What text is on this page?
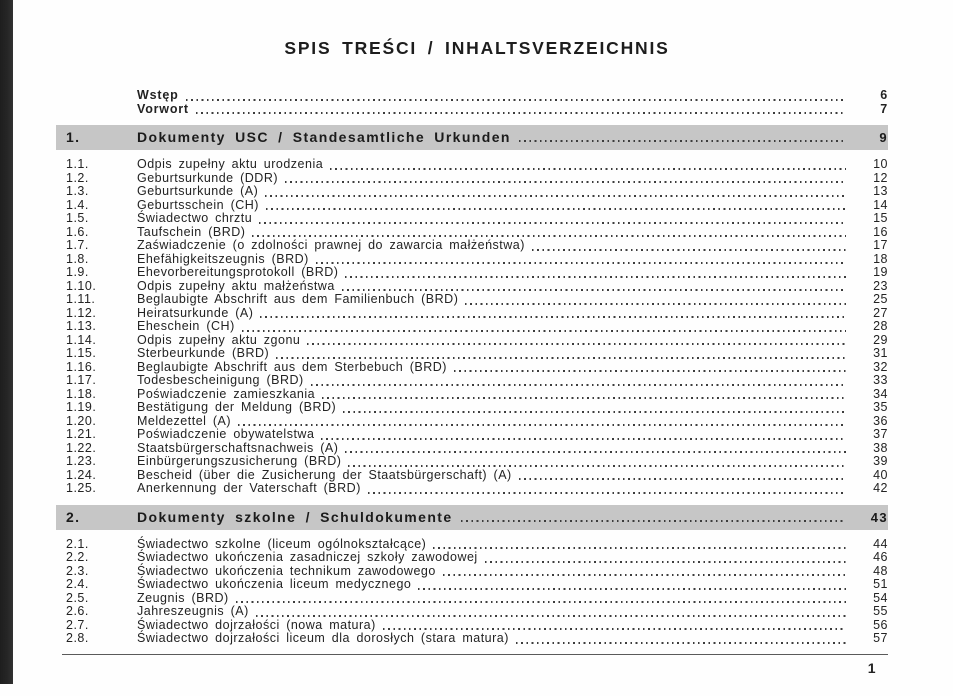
SPIS TREŚCI / INHALTSVERZEICHNIS
Wstęp	6
Vorwort	7
1.	Dokumenty USC / Standesamtliche Urkunden	9
1.1.	Odpis zupełny aktu urodzenia	10
1.2.	Geburtsurkunde (DDR)	12
1.3.	Geburtsurkunde (A)	13
1.4.	Geburtsschein (CH)	14
1.5.	Świadectwo chrztu	15
1.6.	Taufschein (BRD)	16
1.7.	Zaświadczenie (o zdolności prawnej do zawarcia małżeństwa)	17
1.8.	Ehefähigkeitszeugnis (BRD)	18
1.9.	Ehevorbereitungsprotokoll (BRD)	19
1.10.	Odpis zupełny aktu małżeństwa	23
1.11.	Beglaubigte Abschrift aus dem Familienbuch (BRD)	25
1.12.	Heiratsurkunde (A)	27
1.13.	Eheschein (CH)	28
1.14.	Odpis zupełny aktu zgonu	29
1.15.	Sterbeurkunde (BRD)	31
1.16.	Beglaubigte Abschrift aus dem Sterbebuch (BRD)	32
1.17.	Todesbescheinigung (BRD)	33
1.18.	Poświadczenie zamieszkania	34
1.19.	Bestätigung der Meldung (BRD)	35
1.20.	Meldezettel (A)	36
1.21.	Poświadczenie obywatelstwa	37
1.22.	Staatsbürgerschaftsnachweis (A)	38
1.23.	Einbürgerungszusicherung (BRD)	39
1.24.	Bescheid (über die Zusicherung der Staatsbürgerschaft) (A)	40
1.25.	Anerkennung der Vaterschaft (BRD)	42
2.	Dokumenty szkolne / Schuldokumente	43
2.1.	Świadectwo szkolne (liceum ogólnokształcące)	44
2.2.	Świadectwo ukończenia zasadniczej szkoły zawodowej	46
2.3.	Świadectwo ukończenia technikum zawodowego	48
2.4.	Świadectwo ukończenia liceum medycznego	51
2.5.	Zeugnis (BRD)	54
2.6.	Jahreszeugnis (A)	55
2.7.	Świadectwo dojrzałości (nowa matura)	56
2.8.	Świadectwo dojrzałości liceum dla dorosłych (stara matura)	57
1
